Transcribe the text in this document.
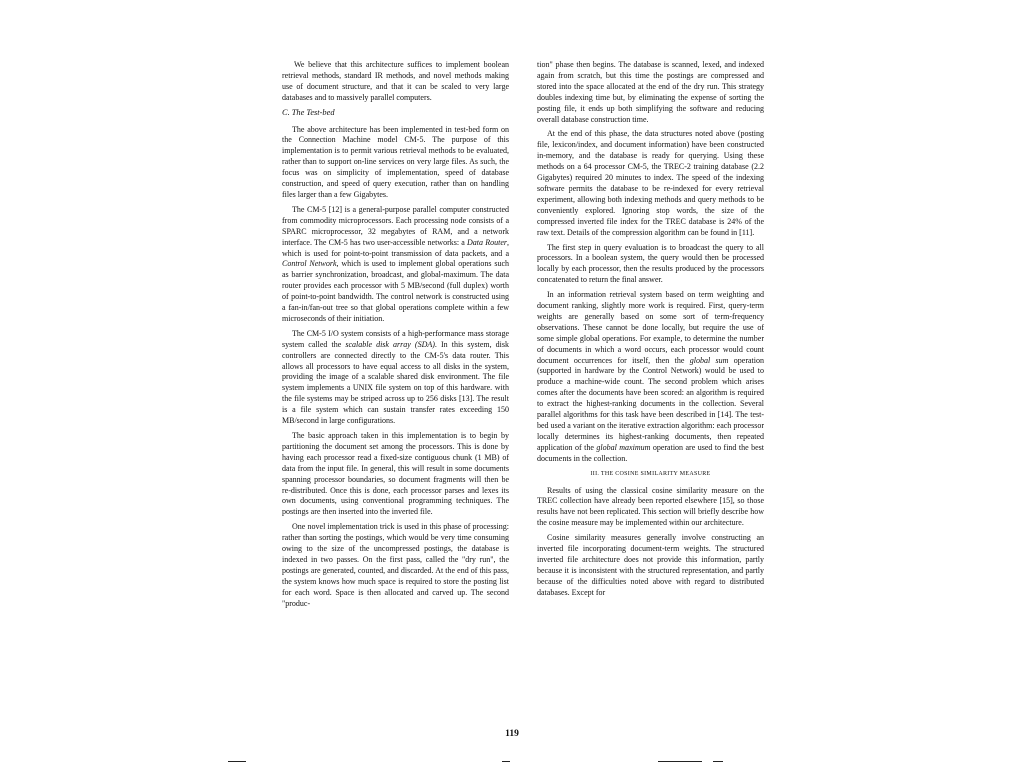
We believe that this architecture suffices to implement boolean retrieval methods, standard IR methods, and novel methods making use of document structure, and that it can be scaled to very large databases and to massively parallel computers.

C. The Test-bed

The above architecture has been implemented in test-bed form on the Connection Machine model CM-5. The purpose of this implementation is to permit various retrieval methods to be evaluated, rather than to support on-line services on very large files. As such, the focus was on simplicity of implementation, speed of database construction, and speed of query execution, rather than on handling files larger than a few Gigabytes.

The CM-5 [12] is a general-purpose parallel computer constructed from commodity microprocessors. Each processing node consists of a SPARC microprocessor, 32 megabytes of RAM, and a network interface. The CM-5 has two user-accessible networks: a Data Router, which is used for point-to-point transmission of data packets, and a Control Network, which is used to implement global operations such as barrier synchronization, broadcast, and global-maximum. The data router provides each processor with 5 MB/second (full duplex) worth of point-to-point bandwidth. The control network is constructed using a fan-in/fan-out tree so that global operations complete within a few microseconds of their initiation.

The CM-5 I/O system consists of a high-performance mass storage system called the scalable disk array (SDA). In this system, disk controllers are connected directly to the CM-5's data router. This allows all processors to have equal access to all disks in the system, providing the image of a scalable shared disk environment. The file system implements a UNIX file system on top of this hardware. with the file systems may be striped across up to 256 disks [13]. The result is a file system which can sustain transfer rates exceeding 150 MB/second in large configurations.

The basic approach taken in this implementation is to begin by partitioning the document set among the processors. This is done by having each processor read a fixed-size contiguous chunk (1 MB) of data from the input file. In general, this will result in some documents spanning processor boundaries, so document fragments will then be re-distributed. Once this is done, each processor parses and lexes its own documents, using conventional programming techniques. The postings are then inserted into the inverted file.

One novel implementation trick is used in this phase of processing: rather than sorting the postings, which would be very time consuming owing to the size of the uncompressed postings, the database is indexed in two passes. On the first pass, called the "dry run", the postings are generated, counted, and discarded. At the end of this pass, the system knows how much space is required to store the posting list for each word. Space is then allocated and carved up. The second "produc-

tion" phase then begins. The database is scanned, lexed, and indexed again from scratch, but this time the postings are compressed and stored into the space allocated at the end of the dry run. This strategy doubles indexing time but, by eliminating the expense of sorting the posting file, it ends up both simplifying the software and reducing overall database construction time.

At the end of this phase, the data structures noted above (posting file, lexicon/index, and document information) have been constructed in-memory, and the database is ready for querying. Using these methods on a 64 processor CM-5, the TREC-2 training database (2.2 Gigabytes) required 20 minutes to index. The speed of the indexing software permits the database to be re-indexed for every retrieval experiment, allowing both indexing methods and query methods to be conveniently explored. Ignoring stop words, the size of the compressed inverted file index for the TREC database is 24% of the raw text. Details of the compression algorithm can be found in [11].

The first step in query evaluation is to broadcast the query to all processors. In a boolean system, the query would then be processed locally by each processor, then the results produced by the processors concatenated to return the final answer.

In an information retrieval system based on term weighting and document ranking, slightly more work is required. First, query-term weights are generally based on some sort of term-frequency observations. These cannot be done locally, but require the use of some simple global operations. For example, to determine the number of documents in which a word occurs, each processor would count document occurrences for itself, then the global sum operation (supported in hardware by the Control Network) would be used to produce a machine-wide count. The second problem which arises comes after the documents have been scored: an algorithm is required to extract the highest-ranking documents in the collection. Several parallel algorithms for this task have been described in [14]. The test-bed used a variant on the iterative extraction algorithm: each processor locally determines its highest-ranking documents, then repeated application of the global maximum operation are used to find the best documents in the collection.

III. THE COSINE SIMILARITY MEASURE

Results of using the classical cosine similarity measure on the TREC collection have already been reported elsewhere [15], so those results have not been replicated. This section will briefly describe how the cosine measure may be implemented within our architecture.

Cosine similarity measures generally involve constructing an inverted file incorporating document-term weights. The structured inverted file architecture does not provide this information, partly because it is inconsistent with the structured representation, and partly because of the difficulties noted above with regard to distributed databases. Except for

119
